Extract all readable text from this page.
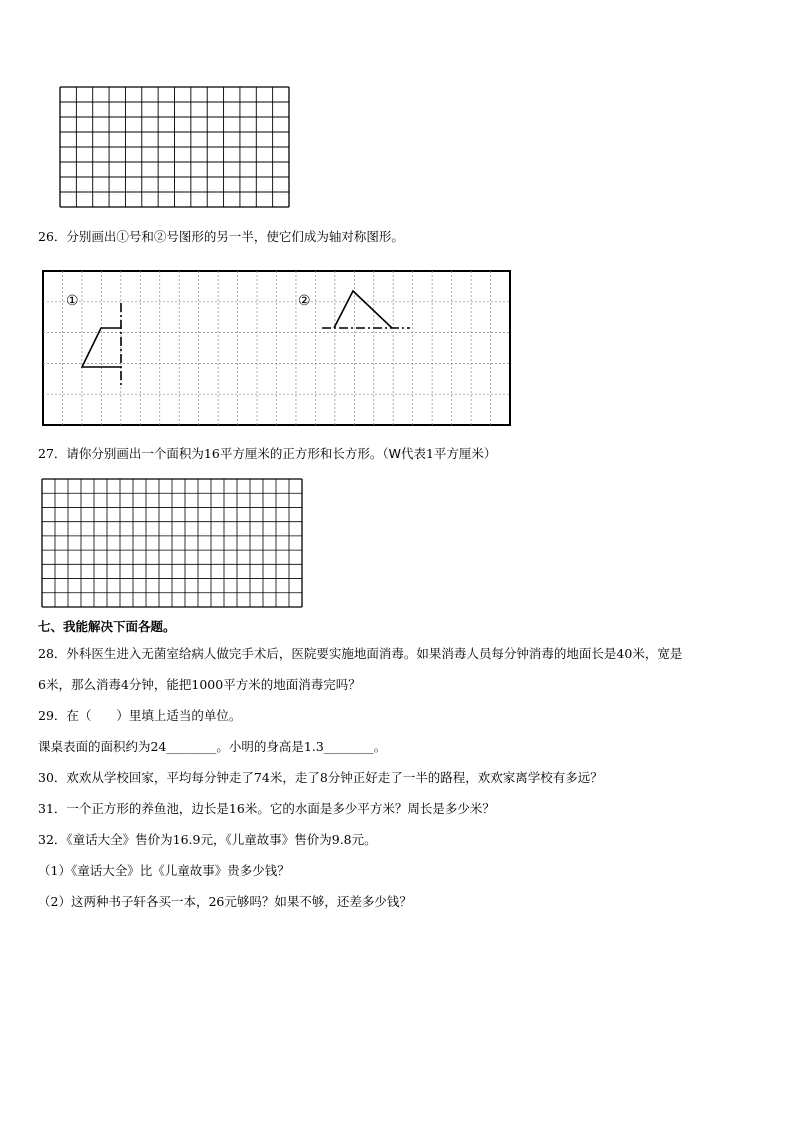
26．分别画出①号和②号图形的另一半，使它们成为轴对称图形。
①	②
27．请你分别画出一个面积为16平方厘米的正方形和长方形。（W代表1平方厘米）
七、我能解决下面各题。
28．外科医生进入无菌室给病人做完手术后，医院要实施地面消毒。如果消毒人员每分钟消毒的地面长是40米，宽是
6米，那么消毒4分钟，能把1000平方米的地面消毒完吗？
29．在（　　）里填上适当的单位。
课桌表面的面积约为24________。小明的身高是1.3________。
30．欢欢从学校回家，平均每分钟走了74米，走了8分钟正好走了一半的路程，欢欢家离学校有多远？
31．一个正方形的养鱼池，边长是16米。它的水面是多少平方米？周长是多少米？
32．《童话大全》售价为16.9元，《儿童故事》售价为9.8元。
（1）《童话大全》比《儿童故事》贵多少钱？
（2）这两种书子轩各买一本，26元够吗？如果不够，还差多少钱？
